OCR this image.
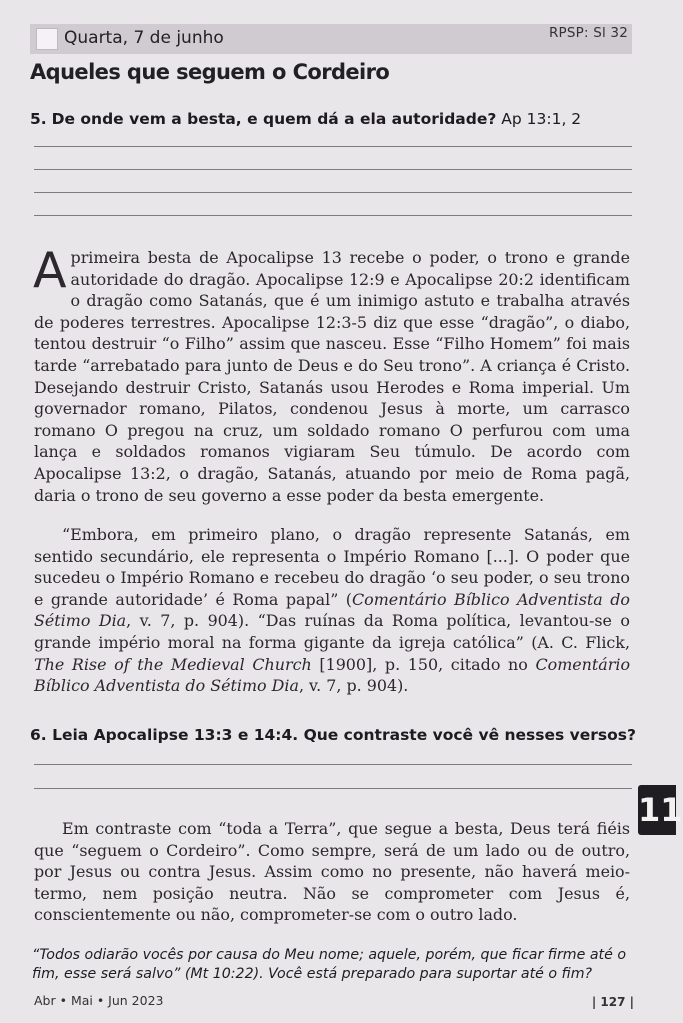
Quarta, 7 de junho	RPSP: Sl 32
Aqueles que seguem o Cordeiro
5. De onde vem a besta, e quem dá a ela autoridade? Ap 13:1, 2

Aprimeira besta de Apocalipse 13 recebe o poder, o trono e grande autoridade do dragão. Apocalipse 12:9 e Apocalipse 20:2 identificam o dragão como Satanás, que é um inimigo astuto e trabalha através de poderes terrestres. Apocalipse 12:3-5 diz que esse “dragão”, o diabo, tentou destruir “o Filho” assim que nasceu. Esse “Filho Homem” foi mais tarde “arrebatado para junto de Deus e do Seu trono”. A criança é Cristo. Desejando destruir Cristo, Satanás usou Herodes e Roma imperial. Um governador romano, Pilatos, condenou Jesus à morte, um carrasco romano O pregou na cruz, um soldado romano O perfurou com uma lança e soldados romanos vigiaram Seu túmulo. De acordo com Apocalipse 13:2, o dragão, Satanás, atuando por meio de Roma pagã, daria o trono de seu governo a esse poder da besta emergente.

“Embora, em primeiro plano, o dragão represente Satanás, em sentido secundário, ele representa o Império Romano [...]. O poder que sucedeu o Império Romano e recebeu do dragão ‘o seu poder, o seu trono e grande autoridade’ é Roma papal” (Comentário Bíblico Adventista do Sétimo Dia, v. 7, p. 904). “Das ruínas da Roma política, levantou-se o grande império moral na forma gigante da igreja católica” (A. C. Flick, The Rise of the Medieval Church [1900], p. 150, citado no Comentário Bíblico Adventista do Sétimo Dia, v. 7, p. 904).

6. Leia Apocalipse 13:3 e 14:4. Que contraste você vê nesses versos?
11

Em contraste com “toda a Terra”, que segue a besta, Deus terá fiéis que “seguem o Cordeiro”. Como sempre, será de um lado ou de outro, por Jesus ou contra Jesus. Assim como no presente, não haverá meio-termo, nem posição neutra. Não se comprometer com Jesus é, conscientemente ou não, comprometer-se com o outro lado.

“Todos odiarão vocês por causa do Meu nome; aquele, porém, que ficar firme até o fim, esse será salvo” (Mt 10:22). Você está preparado para suportar até o fim?

Abr • Mai • Jun 2023	| 127 |
